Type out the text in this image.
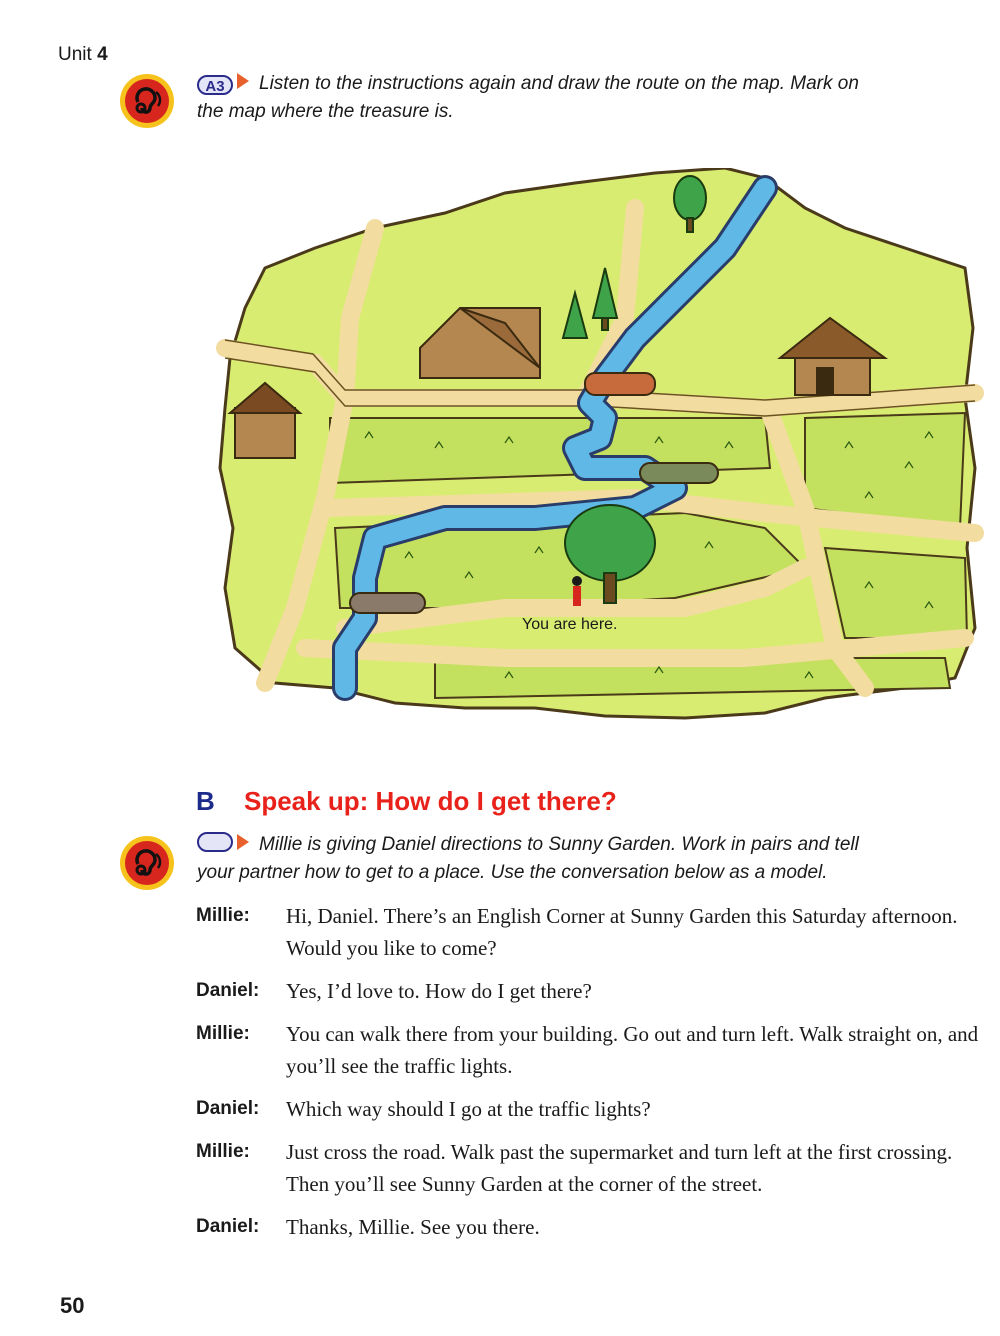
Unit 4
A3 Listen to the instructions again and draw the route on the map. Mark on
the map where the treasure is.
You are here.
B Speak up: How do I get there?
Millie is giving Daniel directions to Sunny Garden. Work in pairs and tell
your partner how to get to a place. Use the conversation below as a model.
Millie:	Hi, Daniel. There’s an English Corner at Sunny Garden this Saturday afternoon. Would you like to come?
Daniel:	Yes, I’d love to. How do I get there?
Millie:	You can walk there from your building. Go out and turn left. Walk straight on, and you’ll see the traffic lights.
Daniel:	Which way should I go at the traffic lights?
Millie:	Just cross the road. Walk past the supermarket and turn left at the first crossing. Then you’ll see Sunny Garden at the corner of the street.
Daniel:	Thanks, Millie. See you there.
50
